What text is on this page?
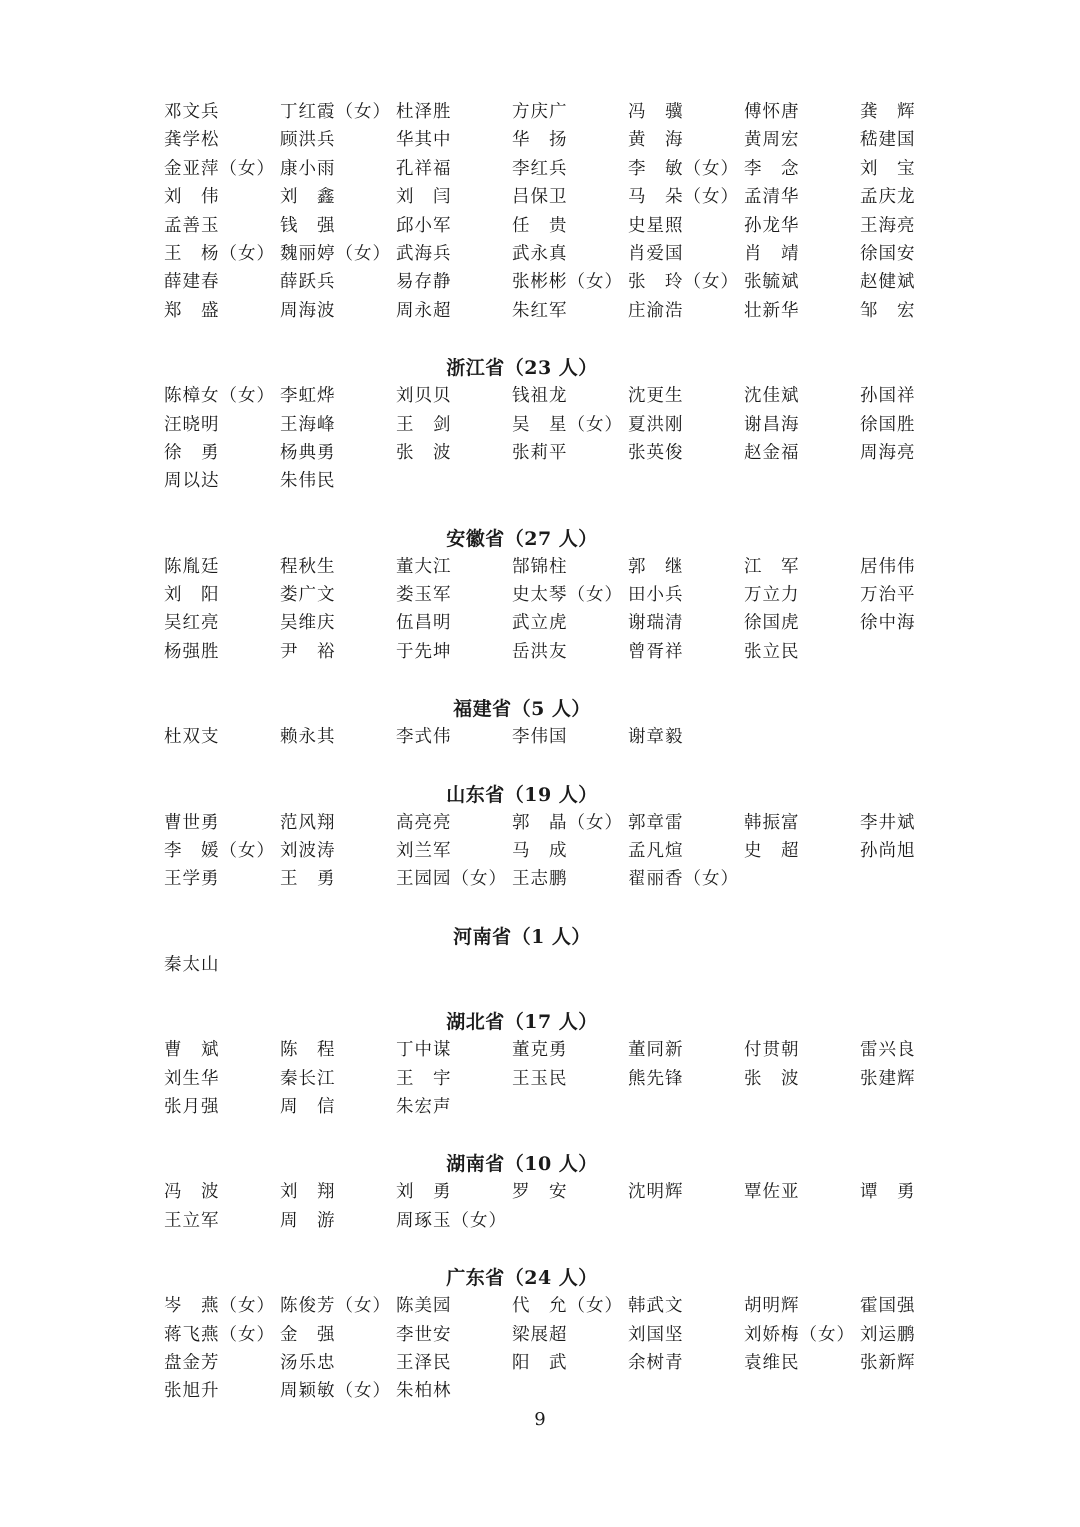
邓文兵	丁红霞（女） 杜泽胜	方庆广	冯　骥	傅怀唐	龚　辉
龚学松	顾洪兵	华其中	华　扬	黄　海	黄周宏	嵇建国
金亚萍（女） 康小雨	孔祥福	李红兵	李　敏（女） 李　念	刘　宝
刘　伟	刘　鑫	刘　闫	吕保卫	马　朵（女） 孟清华	孟庆龙
孟善玉	钱　强	邱小军	任　贵	史星照	孙龙华	王海亮
王　杨（女） 魏丽婷（女） 武海兵	武永真	肖爱国	肖　靖	徐国安
薛建春	薛跃兵	易存静	张彬彬（女） 张　玲（女） 张毓斌	赵健斌
郑　盛	周海波	周永超	朱红军	庄渝浩	壮新华	邹　宏
浙江省（23 人）
陈樟女（女） 李虹烨	刘贝贝	钱祖龙	沈更生	沈佳斌	孙国祥
汪晓明	王海峰	王　剑	吴　星（女） 夏洪刚	谢昌海	徐国胜
徐　勇	杨典勇	张　波	张莉平	张英俊	赵金福	周海亮
周以达	朱伟民
安徽省（27 人）
陈胤廷	程秋生	董大江	郜锦柱	郭　继	江　军	居伟伟
刘　阳	娄广文	娄玉军	史太琴（女） 田小兵	万立力	万治平
吴红亮	吴维庆	伍昌明	武立虎	谢瑞清	徐国虎	徐中海
杨强胜	尹　裕	于先坤	岳洪友	曾胥祥	张立民
福建省（5 人）
杜双支	赖永其	李式伟	李伟国	谢章毅
山东省（19 人）
曹世勇	范风翔	高亮亮	郭　晶（女） 郭章雷	韩振富	李井斌
李　媛（女） 刘波涛	刘兰军	马　成	孟凡煊	史　超	孙尚旭
王学勇	王　勇	王园园（女） 王志鹏	翟丽香（女）
河南省（1 人）
秦太山
湖北省（17 人）
曹　斌	陈　程	丁中谋	董克勇	董同新	付贯朝	雷兴良
刘生华	秦长江	王　宇	王玉民	熊先锋	张　波	张建辉
张月强	周　信	朱宏声
湖南省（10 人）
冯　波	刘　翔	刘　勇	罗　安	沈明辉	覃佐亚	谭　勇
王立军	周　游	周琢玉（女）
广东省（24 人）
岑　燕（女） 陈俊芳（女） 陈美园	代　允（女） 韩武文	胡明辉	霍国强
蒋飞燕（女） 金　强	李世安	梁展超	刘国坚	刘娇梅（女） 刘运鹏
盘金芳	汤乐忠	王泽民	阳　武	余树青	袁维民	张新辉
张旭升	周颖敏（女） 朱柏林
9
